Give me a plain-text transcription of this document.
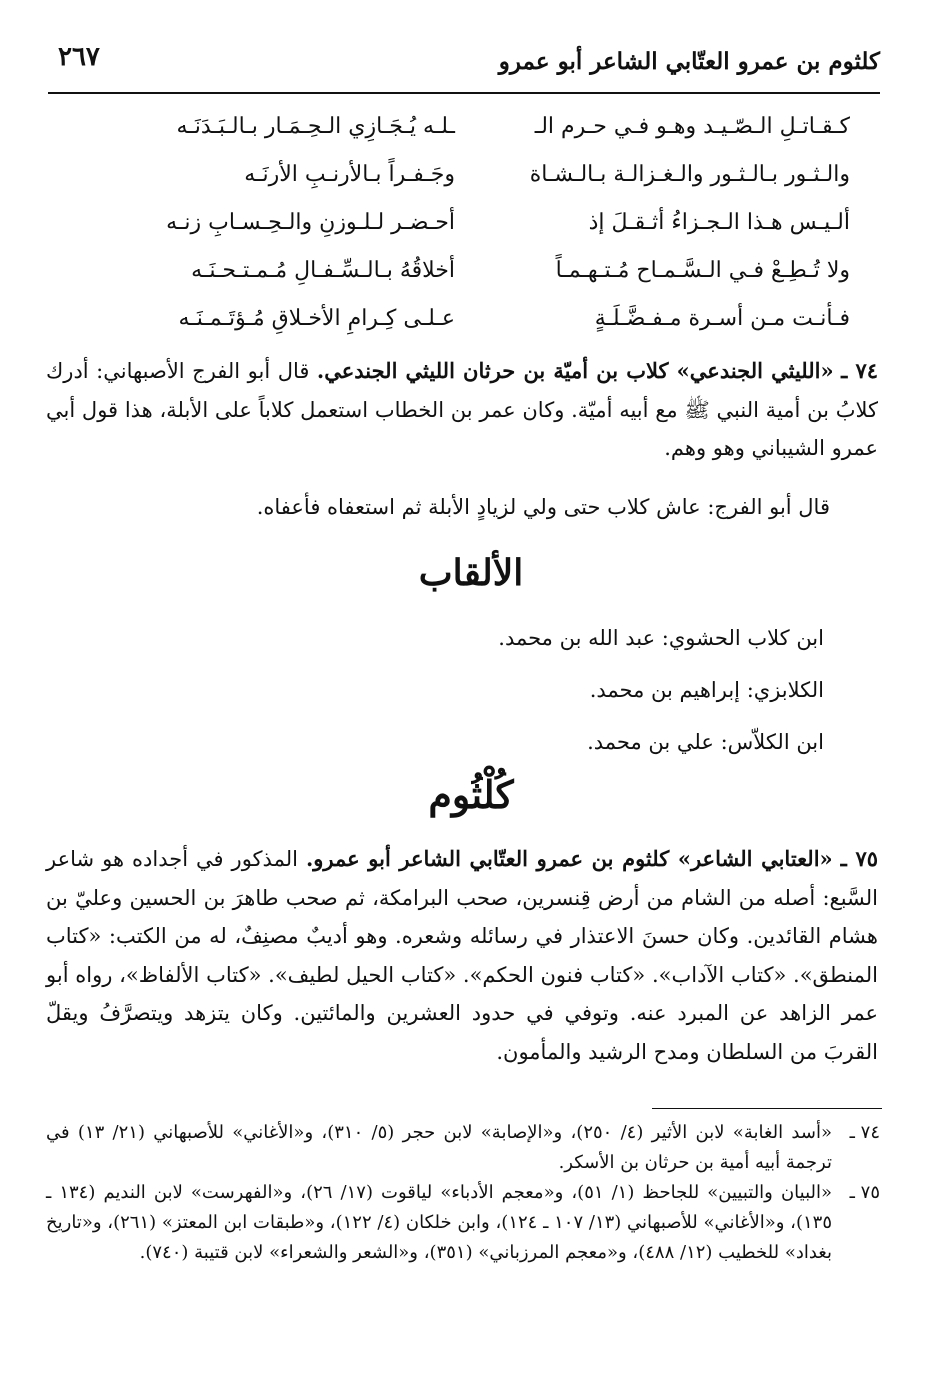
كلثوم بن عمرو العتّابي الشاعر أبو عمرو
٢٦٧
كـقـاتـلِ الـصّـيـد وهـو فـي حـرم الـ
ـلـه يُـجَـازِي الـحِـمَـار بـالـبَـدَنَـه
والـثـور بـالـثـور والـغـزالـة بـالـشـاة
وجَـفـراً بـالأرنـبِ الأرنَـه
ألـيـس هـذا الـجـزاءُ أثـقـلَ إذ
أحـضـر لـلـوزنِ والـحِـسـابِ زنـه
ولا تُـطِـعْ فـي الـسَّـمـاح مُـتـهـمـاً
أخلاقُهُ بـالـسِّـفـالِ مُـمـتـحـنَـه
فـأنـت مـن أسـرة مـفـضَّـلَـةٍ
عـلـى كِـرامِ الأخـلاقِ مُـؤتَـمـنَـه
٧٤ ـ «الليثي الجندعي» كلاب بن أميّة بن حرثان الليثي الجندعي. قال أبو الفرج الأصبهاني: أدرك كلابُ بن أمية النبي ﷺ مع أبيه أميّة. وكان عمر بن الخطاب استعمل كلاباً على الأبلة، هذا قول أبي عمرو الشيباني وهو وهم.
قال أبو الفرج: عاش كلاب حتى ولي لزيادٍ الأبلة ثم استعفاه فأعفاه.
الألقاب
ابن كلاب الحشوي: عبد الله بن محمد.
الكلابزي: إبراهيم بن محمد.
ابن الكلاّس: علي بن محمد.
كُلْثُوم
٧٥ ـ «العتابي الشاعر» كلثوم بن عمرو العتّابي الشاعر أبو عمرو. المذكور في أجداده هو شاعر السَّبع: أصله من الشام من أرض قِنسرين، صحب البرامكة، ثم صحب طاهرَ بن الحسين وعليّ بن هشام القائدين. وكان حسنَ الاعتذار في رسائله وشعره. وهو أديبٌ مصنِفٌ، له من الكتب: «كتاب المنطق». «كتاب الآداب». «كتاب فنون الحكم». «كتاب الحيل لطيف». «كتاب الألفاظ»، رواه أبو عمر الزاهد عن المبرد عنه. وتوفي في حدود العشرين والمائتين. وكان يتزهد ويتصرَّفُ ويقلّ القربَ من السلطان ومدح الرشيد والمأمون.
٧٤ ـ
«أسد الغابة» لابن الأثير (٤/ ٢٥٠)، و«الإصابة» لابن حجر (٥/ ٣١٠)، و«الأغاني» للأصبهاني (٢١/ ١٣) في ترجمة أبيه أمية بن حرثان بن الأسكر.
٧٥ ـ
«البيان والتبيين» للجاحظ (١/ ٥١)، و«معجم الأدباء» لياقوت (١٧/ ٢٦)، و«الفهرست» لابن النديم (١٣٤ ـ ١٣٥)، و«الأغاني» للأصبهاني (١٣/ ١٠٧ ـ ١٢٤)، وابن خلكان (٤/ ١٢٢)، و«طبقات ابن المعتز» (٢٦١)، و«تاريخ بغداد» للخطيب (١٢/ ٤٨٨)، و«معجم المرزباني» (٣٥١)، و«الشعر والشعراء» لابن قتيبة (٧٤٠).
